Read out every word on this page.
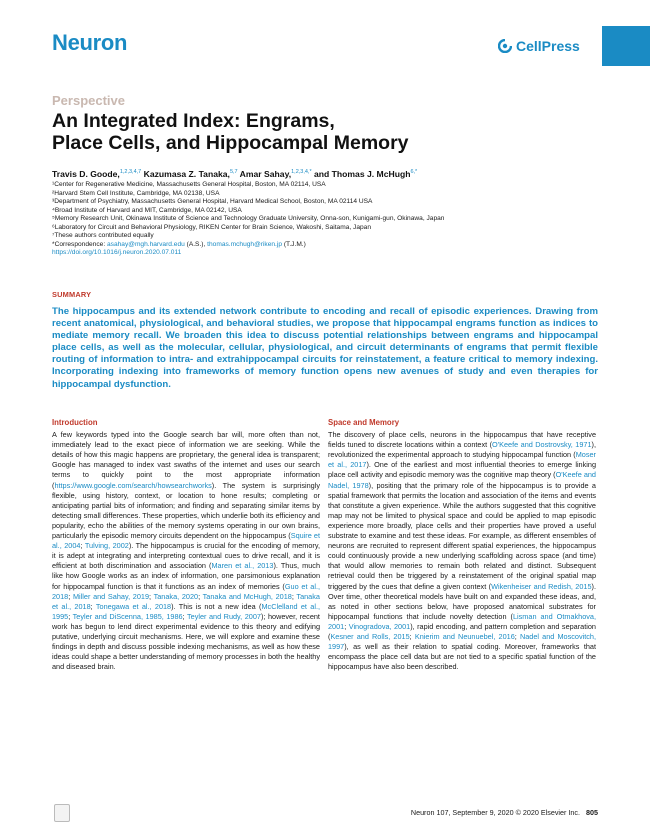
Neuron	CellPress
Perspective
An Integrated Index: Engrams,
Place Cells, and Hippocampal Memory
Travis D. Goode,$^{1,2,3,4,7}$ Kazumasa Z. Tanaka,$^{5,7}$ Amar Sahay,$^{1,2,3,4,*}$ and Thomas J. McHugh$^{6,*}$
¹Center for Regenerative Medicine, Massachusetts General Hospital, Boston, MA 02114, USA
²Harvard Stem Cell Institute, Cambridge, MA 02138, USA
³Department of Psychiatry, Massachusetts General Hospital, Harvard Medical School, Boston, MA 02114 USA
⁴Broad Institute of Harvard and MIT, Cambridge, MA 02142, USA
⁵Memory Research Unit, Okinawa Institute of Science and Technology Graduate University, Onna-son, Kunigami-gun, Okinawa, Japan
⁶Laboratory for Circuit and Behavioral Physiology, RIKEN Center for Brain Science, Wakoshi, Saitama, Japan
⁷These authors contributed equally
*Correspondence: asahay@mgh.harvard.edu (A.S.), thomas.mchugh@riken.jp (T.J.M.)
https://doi.org/10.1016/j.neuron.2020.07.011
SUMMARY
The hippocampus and its extended network contribute to encoding and recall of episodic experiences. Drawing from recent anatomical, physiological, and behavioral studies, we propose that hippocampal engrams function as indices to mediate memory recall. We broaden this idea to discuss potential relationships between engrams and hippocampal place cells, as well as the molecular, cellular, physiological, and circuit determinants of engrams that permit flexible routing of information to intra- and extrahippocampal circuits for reinstatement, a feature critical to memory indexing. Incorporating indexing into frameworks of memory function opens new avenues of study and even therapies for hippocampal dysfunction.
Introduction

A few keywords typed into the Google search bar will, more often than not, immediately lead to the exact piece of information we are seeking. While the details of how this magic happens are proprietary, the general idea is transparent; Google has managed to index vast swaths of the internet and uses our search terms to quickly point to the most appropriate information (https://www.google.com/search/howsearchworks). The system is surprisingly flexible, using history, context, or location to hone results; completing or anticipating partial bits of information; and finding and separating similar items by detecting small differences. These properties, which underlie both its efficiency and popularity, echo the abilities of the memory systems operating in our own brains, particularly the episodic memory circuits dependent on the hippocampus (Squire et al., 2004; Tulving, 2002). The hippocampus is crucial for the encoding of memory, it is adept at integrating and interpreting contextual cues to drive recall, and it is efficient at both discrimination and association (Maren et al., 2013). Thus, much like how Google works as an index of information, one parsimonious explanation for hippocampal function is that it functions as an index of memories (Guo et al., 2018; Miller and Sahay, 2019; Tanaka, 2020; Tanaka and McHugh, 2018; Tanaka et al., 2018; Tonegawa et al., 2018). This is not a new idea (McClelland et al., 1995; Teyler and DiScenna, 1985, 1986; Teyler and Rudy, 2007); however, recent work has begun to lend direct experimental evidence to this theory and edifying putative, underlying circuit mechanisms. Here, we will explore and examine these findings in depth and discuss possible indexing mechanisms, as well as how these ideas could shape a better understanding of memory processes in both the healthy and diseased brain.

Space and Memory

The discovery of place cells, neurons in the hippocampus that have receptive fields tuned to discrete locations within a context (O'Keefe and Dostrovsky, 1971), revolutionized the experimental approach to studying hippocampal function (Moser et al., 2017). One of the earliest and most influential theories to emerge linking place cell activity and episodic memory was the cognitive map theory (O'Keefe and Nadel, 1978), positing that the primary role of the hippocampus is to provide a spatial framework that permits the location and association of the items and events that constitute a given experience. While the authors suggested that this cognitive map may not be limited to physical space and could be applied to map episodic experience more broadly, place cells and their properties have proved a useful substrate to examine and test these ideas. For example, as different ensembles of neurons are recruited to represent different spatial experiences, the hippocampus could continuously provide a new underlying scaffolding across space (and time) that would allow memories to remain both related and distinct. Subsequent retrieval could then be triggered by a reinstatement of the original spatial map triggered by the cues that define a given context (Wikenheiser and Redish, 2015). Over time, other theoretical models have built on and expanded these ideas, and, as noted in other sections below, have proposed anatomical substrates for hippocampal functions that include novelty detection (Lisman and Otmakhova, 2001; Vinogradova, 2001), rapid encoding, and pattern completion and separation (Kesner and Rolls, 2015; Knierim and Neunuebel, 2016; Nadel and Moscovitch, 1997), as well as their relation to spatial coding. Moreover, frameworks that encompass the place cell data but are not tied to a specific spatial function of the hippocampus have also been described.

Neuron 107, September 9, 2020 © 2020 Elsevier Inc. 805
